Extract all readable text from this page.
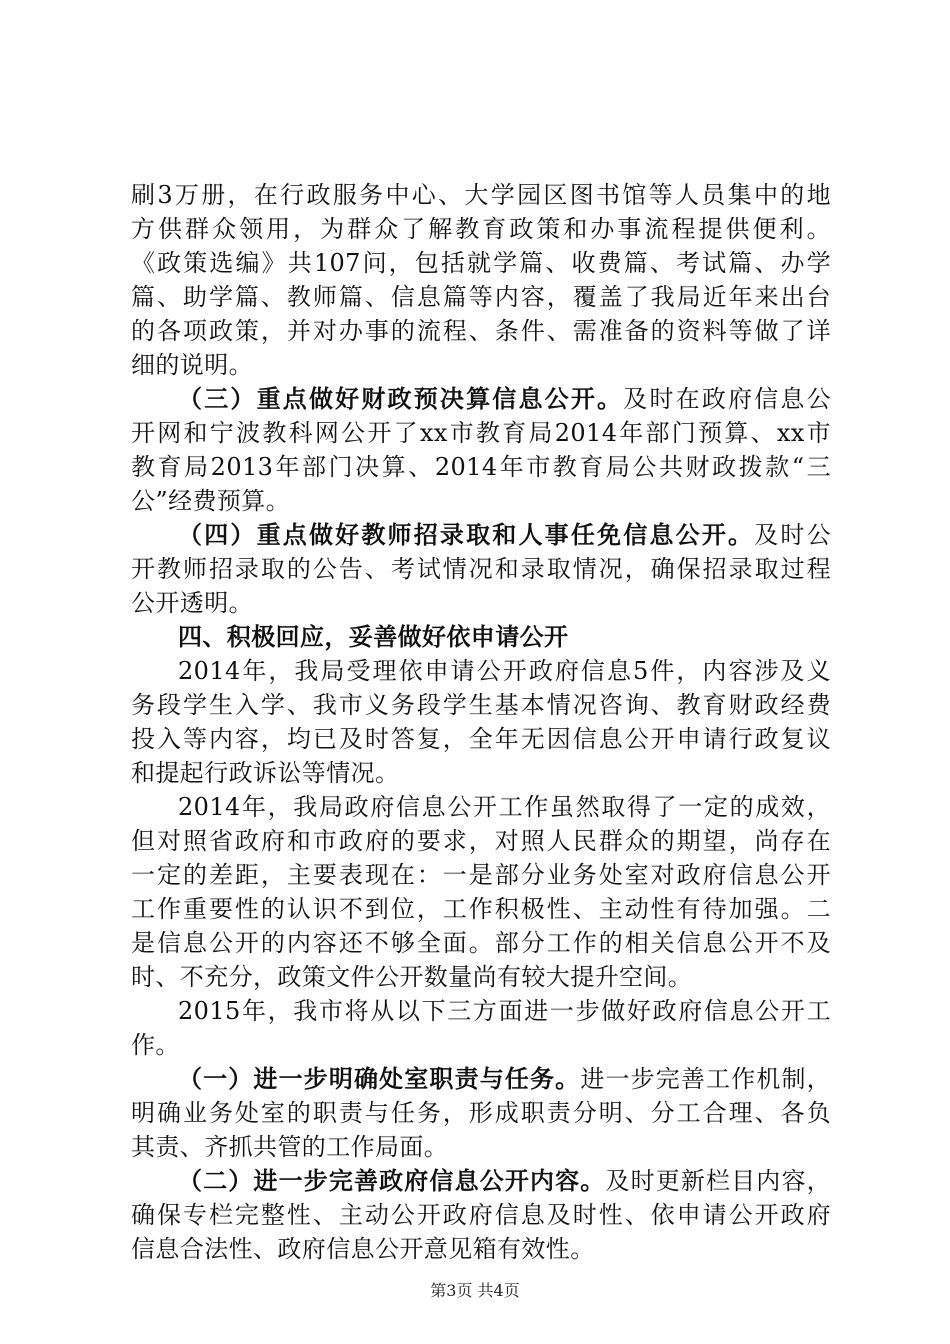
刷3万册，在行政服务中心、大学园区图书馆等人员集中的地
方供群众领用，为群众了解教育政策和办事流程提供便利。
《政策选编》共107问，包括就学篇、收费篇、考试篇、办学
篇、助学篇、教师篇、信息篇等内容，覆盖了我局近年来出台
的各项政策，并对办事的流程、条件、需准备的资料等做了详
细的说明。
（三）重点做好财政预决算信息公开。及时在政府信息公
开网和宁波教科网公开了xx市教育局2014年部门预算、xx市
教育局2013年部门决算、2014年市教育局公共财政拨款“三
公”经费预算。
（四）重点做好教师招录取和人事任免信息公开。及时公
开教师招录取的公告、考试情况和录取情况，确保招录取过程
公开透明。
四、积极回应，妥善做好依申请公开
2014年，我局受理依申请公开政府信息5件，内容涉及义
务段学生入学、我市义务段学生基本情况咨询、教育财政经费
投入等内容，均已及时答复，全年无因信息公开申请行政复议
和提起行政诉讼等情况。
2014年，我局政府信息公开工作虽然取得了一定的成效，
但对照省政府和市政府的要求，对照人民群众的期望，尚存在
一定的差距，主要表现在：一是部分业务处室对政府信息公开
工作重要性的认识不到位，工作积极性、主动性有待加强。二
是信息公开的内容还不够全面。部分工作的相关信息公开不及
时、不充分，政策文件公开数量尚有较大提升空间。
2015年，我市将从以下三方面进一步做好政府信息公开工
作。
（一）进一步明确处室职责与任务。进一步完善工作机制，
明确业务处室的职责与任务，形成职责分明、分工合理、各负
其责、齐抓共管的工作局面。
（二）进一步完善政府信息公开内容。及时更新栏目内容，
确保专栏完整性、主动公开政府信息及时性、依申请公开政府
信息合法性、政府信息公开意见箱有效性。
第3页 共4页
